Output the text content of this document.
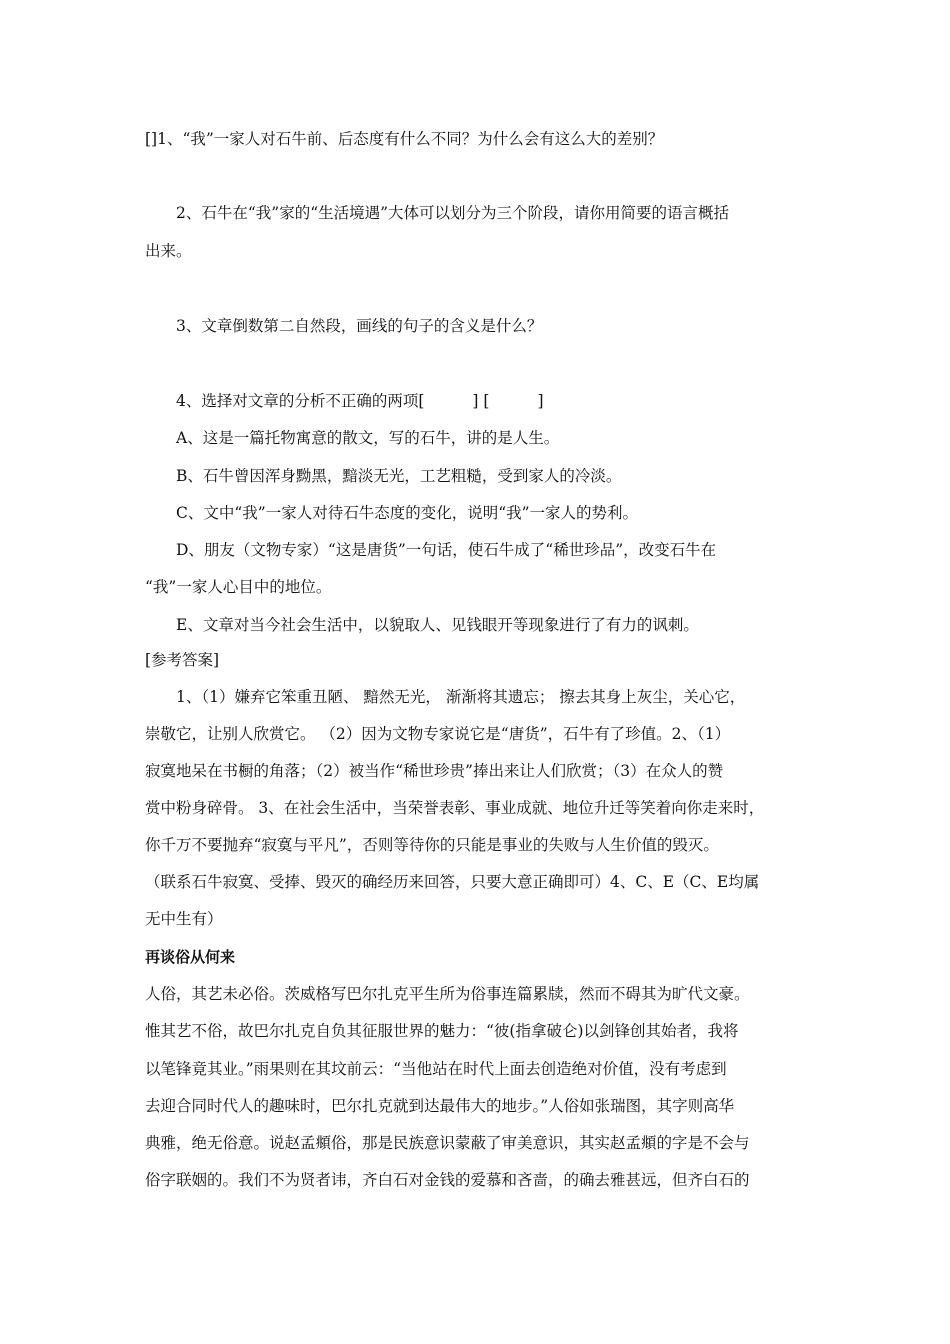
[]1、“我”一家人对石牛前、后态度有什么不同？为什么会有这么大的差别？
2、石牛在“我”家的“生活境遇”大体可以划分为三个阶段，请你用简要的语言概括
出来。
3、文章倒数第二自然段，画线的句子的含义是什么？
4、选择对文章的分析不正确的两项[	] [	]
A、这是一篇托物寓意的散文，写的石牛，讲的是人生。
B、石牛曾因浑身黝黑，黯淡无光，工艺粗糙，受到家人的冷淡。
C、文中“我”一家人对待石牛态度的变化，说明“我”一家人的势利。
D、朋友（文物专家）“这是唐货”一句话，使石牛成了“稀世珍品”，改变石牛在
“我”一家人心目中的地位。
E、文章对当今社会生活中，以貌取人、见钱眼开等现象进行了有力的讽刺。
[参考答案]
1、（1）嫌弃它笨重丑陋、 黯然无光， 渐渐将其遗忘； 擦去其身上灰尘，关心它，
崇敬它，让别人欣赏它。 （2）因为文物专家说它是“唐货”，石牛有了珍值。2、（1）
寂寞地呆在书橱的角落；（2）被当作“稀世珍贵”捧出来让人们欣赏；（3）在众人的赞
赏中粉身碎骨。 3、在社会生活中，当荣誉表彰、事业成就、地位升迁等笑着向你走来时，
你千万不要抛弃“寂寞与平凡”，否则等待你的只能是事业的失败与人生价值的毁灭。
（联系石牛寂寞、受捧、毁灭的确经历来回答，只要大意正确即可）4、C、E（C、E均属
无中生有）
再谈俗从何来
人俗，其艺未必俗。茨威格写巴尔扎克平生所为俗事连篇累牍，然而不碍其为旷代文豪。
惟其艺不俗，故巴尔扎克自负其征服世界的魅力：“彼(指拿破仑)以剑锋创其始者，我将
以笔锋竟其业。”雨果则在其坟前云：“当他站在时代上面去创造绝对价值，没有考虑到
去迎合同时代人的趣味时，巴尔扎克就到达最伟大的地步。”人俗如张瑞图，其字则高华
典雅，绝无俗意。说赵孟頫俗，那是民族意识蒙蔽了审美意识，其实赵孟頫的字是不会与
俗字联姻的。我们不为贤者讳，齐白石对金钱的爱慕和吝啬，的确去雅甚远，但齐白石的
